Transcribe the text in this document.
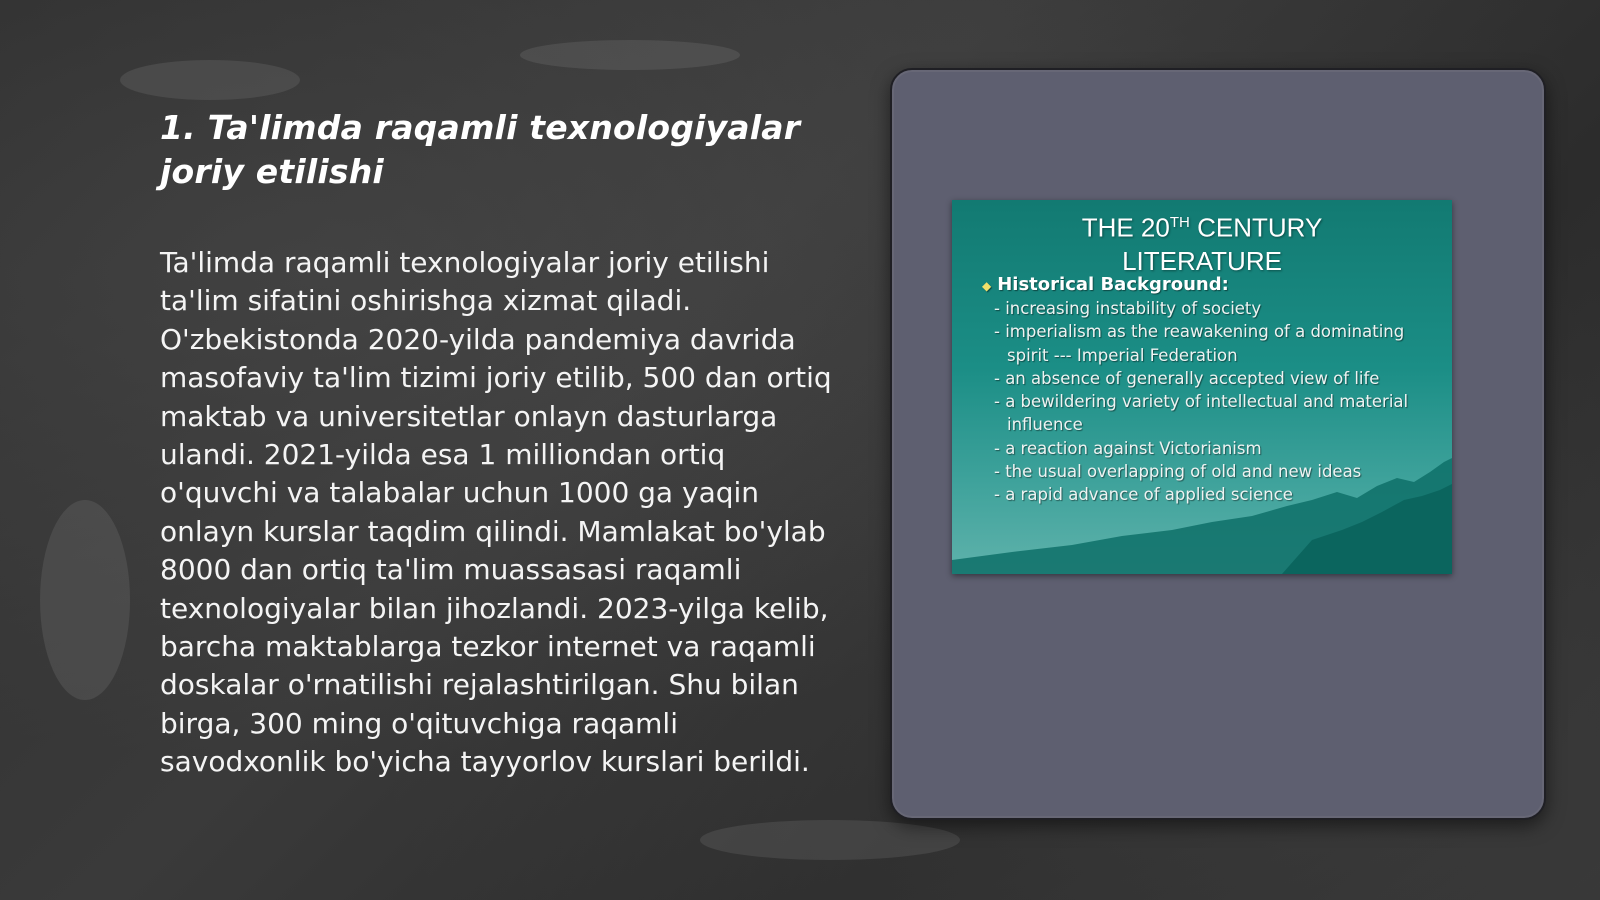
1. Ta'limda raqamli texnologiyalar
joriy etilishi

Ta'limda raqamli texnologiyalar joriy etilishi ta'lim sifatini oshirishga xizmat qiladi. O'zbekistonda 2020-yilda pandemiya davrida masofaviy ta'lim tizimi joriy etilib, 500 dan ortiq maktab va universitetlar onlayn dasturlarga ulandi. 2021-yilda esa 1 milliondan ortiq o'quvchi va talabalar uchun 1000 ga yaqin onlayn kurslar taqdim qilindi. Mamlakat bo'ylab 8000 dan ortiq ta'lim muassasasi raqamli texnologiyalar bilan jihozlandi. 2023-yilga kelib, barcha maktablarga tezkor internet va raqamli doskalar o'rnatilishi rejalashtirilgan. Shu bilan birga, 300 ming o'qituvchiga raqamli savodxonlik bo'yicha tayyorlov kurslari berildi.

THE 20TH CENTURY
LITERATURE
◆ Historical Background:
- increasing instability of society
- imperialism as the reawakening of a dominating spirit --- Imperial Federation
- an absence of generally accepted view of life
- a bewildering variety of intellectual and material influence
- a reaction against Victorianism
- the usual overlapping of old and new ideas
- a rapid advance of applied science
